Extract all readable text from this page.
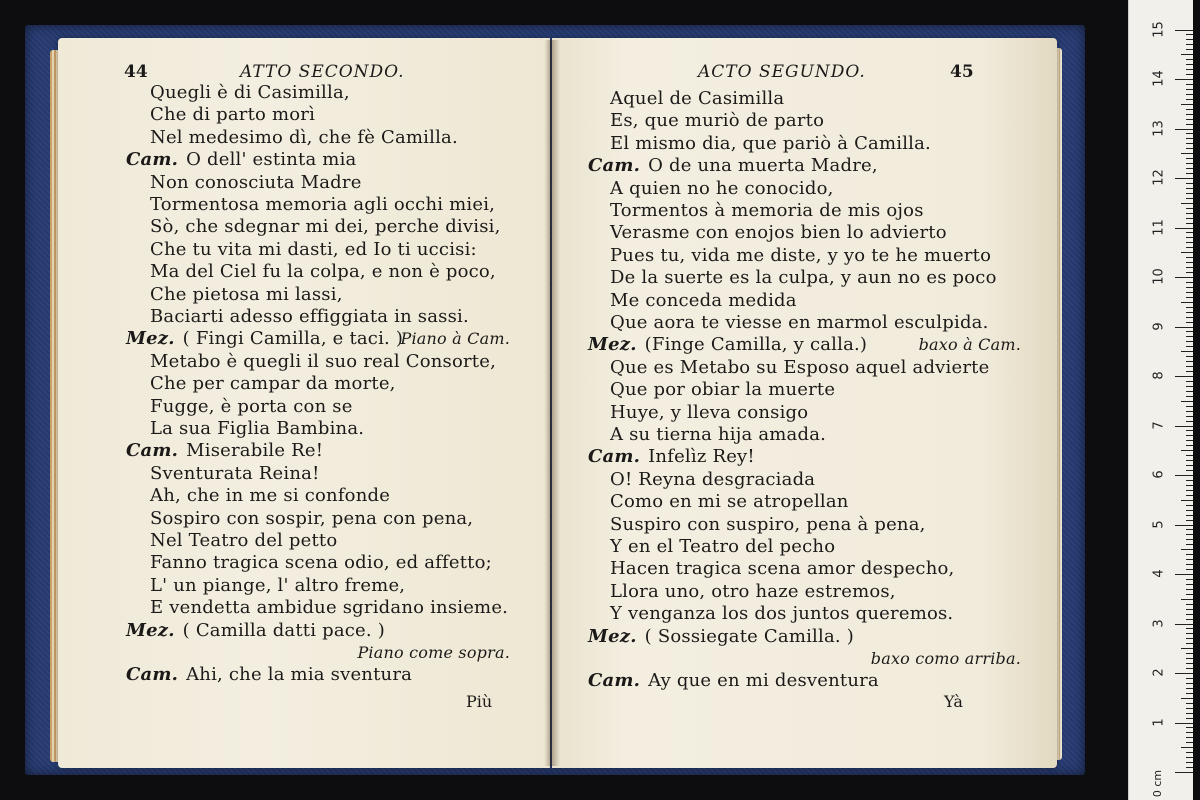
44	ATTO SECONDO.
Quegli è di Casimilla,
Che di parto morì
Nel medesimo dì, che fè Camilla.
Cam. O dell' estinta mia
Non conosciuta Madre
Tormentosa memoria agli occhi miei,
Sò, che sdegnar mi dei, perche divisi,
Che tu vita mi dasti, ed Io ti uccisi:
Ma del Ciel fu la colpa, e non è poco,
Che pietosa mi lassi,
Baciarti adesso effiggiata in sassi.
Mez. ( Fingi Camilla, e taci. )
Piano à Cam.
Metabo è quegli il suo real Consorte,
Che per campar da morte,
Fugge, è porta con se
La sua Figlia Bambina.
Cam. Miserabile Re!
Sventurata Reina!
Ah, che in me si confonde
Sospiro con sospir, pena con pena,
Nel Teatro del petto
Fanno tragica scena odio, ed affetto;
L' un piange, l' altro freme,
E vendetta ambidue sgridano insieme.
Mez. ( Camilla datti pace. )
Piano come sopra.
Cam. Ahi, che la mia sventura
Più
ACTO SEGUNDO.	45
Aquel de Casimilla
Es, que muriò de parto
El mismo dia, que pariò à Camilla.
Cam. O de una muerta Madre,
A quien no he conocido,
Tormentos à memoria de mis ojos
Verasme con enojos bien lo advierto
Pues tu, vida me diste, y yo te he muerto
De la suerte es la culpa, y aun no es poco
Me conceda medida
Que aora te viesse en marmol esculpida.
Mez. (Finge Camilla, y calla.)	baxo à Cam.
Que es Metabo su Esposo aquel advierte
Que por obiar la muerte
Huye, y lleva consigo
A su tierna hija amada.
Cam. Infelìz Rey!
O! Reyna desgraciada
Como en mi se atropellan
Suspiro con suspiro, pena à pena,
Y en el Teatro del pecho
Hacen tragica scena amor despecho,
Llora uno, otro haze estremos,
Y venganza los dos juntos queremos.
Mez. ( Sossiegate Camilla. )
baxo como arriba.
Cam. Ay que en mi desventura
Yà
0 cm
1
2
3
4
5
6
7
8
9
10
11
12
13
14
15
